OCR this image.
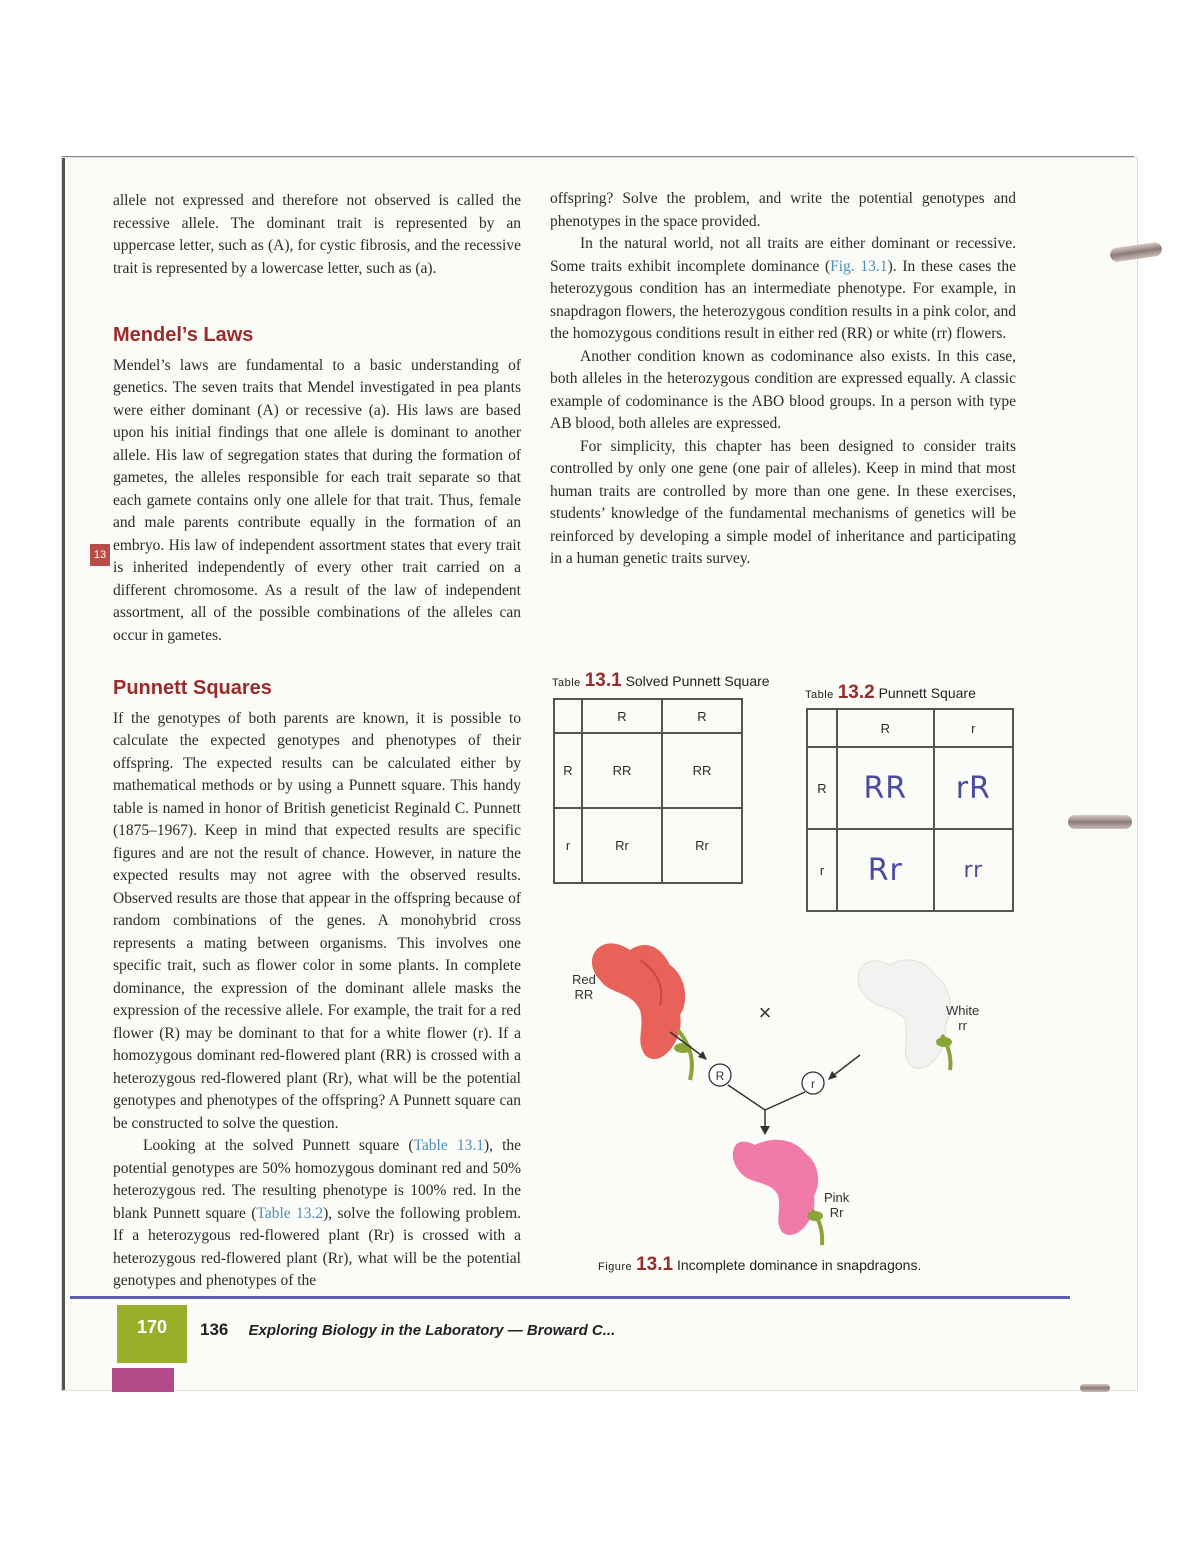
13

allele not expressed and therefore not observed is called the recessive allele. The dominant trait is represented by an uppercase letter, such as (A), for cystic fibrosis, and the recessive trait is represented by a lowercase letter, such as (a).

Mendel’s Laws

Mendel’s laws are fundamental to a basic understanding of genetics. The seven traits that Mendel investigated in pea plants were either dominant (A) or recessive (a). His laws are based upon his initial findings that one allele is dominant to another allele. His law of segregation states that during the formation of gametes, the alleles responsible for each trait separate so that each gamete contains only one allele for that trait. Thus, female and male parents contribute equally in the formation of an embryo. His law of independent assortment states that every trait is inherited independently of every other trait carried on a different chromosome. As a result of the law of independent assortment, all of the possible combinations of the alleles can occur in gametes.

Punnett Squares

If the genotypes of both parents are known, it is possible to calculate the expected genotypes and phenotypes of their offspring. The expected results can be calculated either by mathematical methods or by using a Punnett square. This handy table is named in honor of British geneticist Reginald C. Punnett (1875–1967). Keep in mind that expected results are specific figures and are not the result of chance. However, in nature the expected results may not agree with the observed results. Observed results are those that appear in the offspring because of random combinations of the genes. A monohybrid cross represents a mating between organisms. This involves one specific trait, such as flower color in some plants. In complete dominance, the expression of the dominant allele masks the expression of the recessive allele. For example, the trait for a red flower (R) may be dominant to that for a white flower (r). If a homozygous dominant red-flowered plant (RR) is crossed with a heterozygous red-flowered plant (Rr), what will be the potential genotypes and phenotypes of the offspring? A Punnett square can be constructed to solve the question.

Looking at the solved Punnett square (Table 13.1), the potential genotypes are 50% homozygous dominant red and 50% heterozygous red. The resulting phenotype is 100% red. In the blank Punnett square (Table 13.2), solve the following problem. If a heterozygous red-flowered plant (Rr) is crossed with a heterozygous red-flowered plant (Rr), what will be the potential genotypes and phenotypes of the

offspring? Solve the problem, and write the potential genotypes and phenotypes in the space provided.

In the natural world, not all traits are either dominant or recessive. Some traits exhibit incomplete dominance (Fig. 13.1). In these cases the heterozygous condition has an intermediate phenotype. For example, in snapdragon flowers, the heterozygous condition results in a pink color, and the homozygous conditions result in either red (RR) or white (rr) flowers.

Another condition known as codominance also exists. In this case, both alleles in the heterozygous condition are expressed equally. A classic example of codominance is the ABO blood groups. In a person with type AB blood, both alleles are expressed.

For simplicity, this chapter has been designed to consider traits controlled by only one gene (one pair of alleles). Keep in mind that most human traits are controlled by more than one gene. In these exercises, students’ knowledge of the fundamental mechanisms of genetics will be reinforced by developing a simple model of inheritance and participating in a human genetic traits survey.

Table 13.1 Solved Punnett Square
	R	R
R	RR	RR
r	Rr	Rr
Table 13.2 Punnett Square
	R	r
R	RR	rR
r	Rr	rr
R
r
×
Red
RR
White
rr
Pink
Rr
Figure 13.1 Incomplete dominance in snapdragons.
170	136 Exploring Biology in the Laboratory — Broward C...
